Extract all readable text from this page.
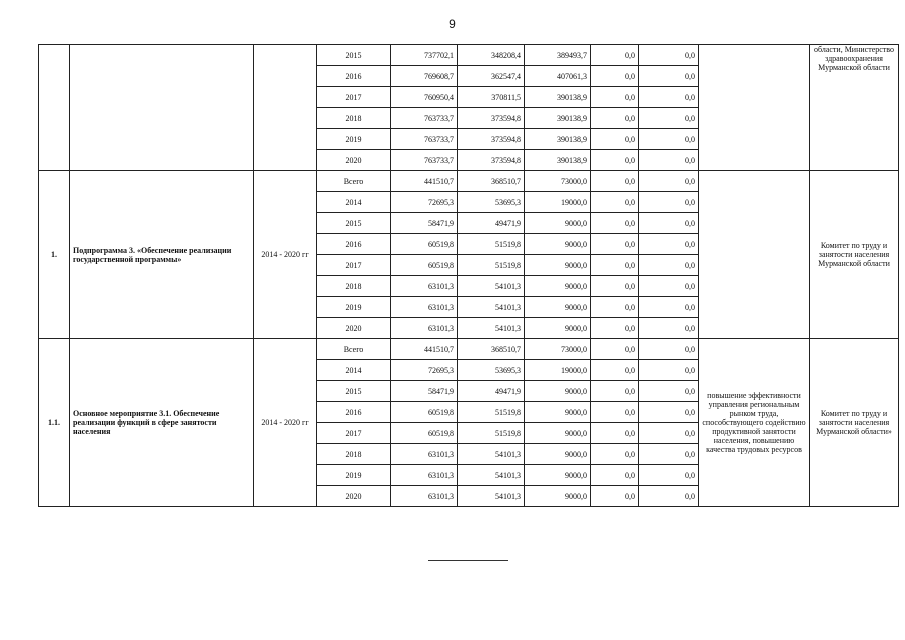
9
			2015	737702,1	348208,4	389493,7	0,0	0,0		области, Министерство здравоохранения Мурманской области
			2016	769608,7	362547,4	407061,3	0,0	0,0		
			2017	760950,4	370811,5	390138,9	0,0	0,0		
			2018	763733,7	373594,8	390138,9	0,0	0,0		
			2019	763733,7	373594,8	390138,9	0,0	0,0		
			2020	763733,7	373594,8	390138,9	0,0	0,0		
1.	Подпрограмма 3. «Обеспечение реализации государственной программы»	2014 - 2020 гг	Всего	441510,7	368510,7	73000,0	0,0	0,0		Комитет по труду и занятости населения Мурманской области
			2014	72695,3	53695,3	19000,0	0,0	0,0		
			2015	58471,9	49471,9	9000,0	0,0	0,0		
			2016	60519,8	51519,8	9000,0	0,0	0,0		
			2017	60519,8	51519,8	9000,0	0,0	0,0		
			2018	63101,3	54101,3	9000,0	0,0	0,0		
			2019	63101,3	54101,3	9000,0	0,0	0,0		
			2020	63101,3	54101,3	9000,0	0,0	0,0		
1.1.	Основное мероприятие 3.1. Обеспечение реализации функций в сфере занятости населения	2014 - 2020 гг	Всего	441510,7	368510,7	73000,0	0,0	0,0	повышение эффективности управления региональным рынком труда, способствующего содействию продуктивной занятости населения, повышению качества трудовых ресурсов	Комитет по труду и занятости населения Мурманской области»
			2014	72695,3	53695,3	19000,0	0,0	0,0		
			2015	58471,9	49471,9	9000,0	0,0	0,0		
			2016	60519,8	51519,8	9000,0	0,0	0,0		
			2017	60519,8	51519,8	9000,0	0,0	0,0		
			2018	63101,3	54101,3	9000,0	0,0	0,0		
			2019	63101,3	54101,3	9000,0	0,0	0,0		
			2020	63101,3	54101,3	9000,0	0,0	0,0		
